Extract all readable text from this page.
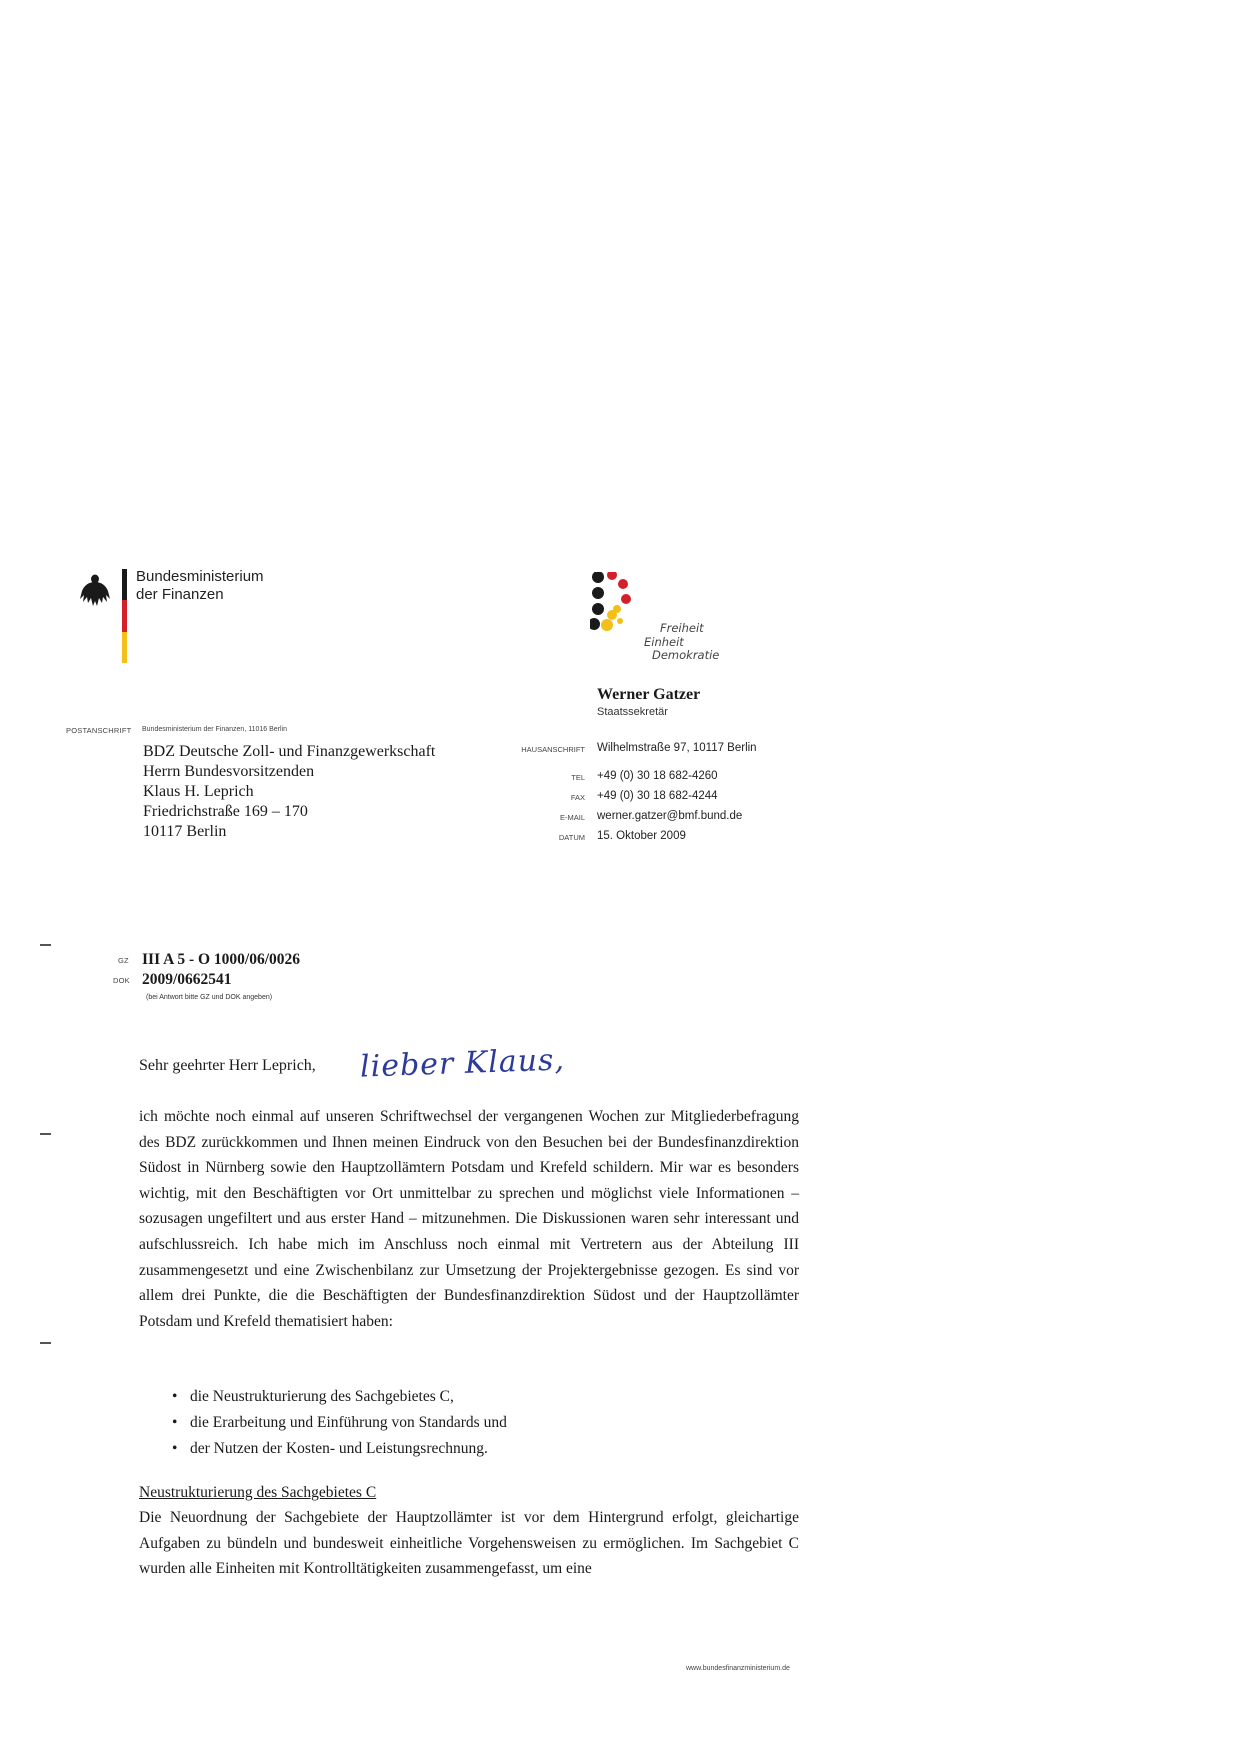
Bundesministerium
der Finanzen
Freiheit
Einheit
Demokratie
Werner Gatzer
Staatssekretär
POSTANSCHRIFT Bundesministerium der Finanzen, 11016 Berlin
BDZ Deutsche Zoll- und Finanzgewerkschaft
Herrn Bundesvorsitzenden
Klaus H. Leprich
Friedrichstraße 169 – 170
10117 Berlin
HAUSANSCHRIFT Wilhelmstraße 97, 10117 Berlin
TEL +49 (0) 30 18 682-4260
FAX +49 (0) 30 18 682-4244
E-MAIL werner.gatzer@bmf.bund.de
DATUM 15. Oktober 2009
GZ III A 5 - O 1000/06/0026
DOK 2009/0662541
(bei Antwort bitte GZ und DOK angeben)
Sehr geehrter Herr Leprich, lieber Klaus,

ich möchte noch einmal auf unseren Schriftwechsel der vergangenen Wochen zur Mitgliederbefragung des BDZ zurückkommen und Ihnen meinen Eindruck von den Besuchen bei der Bundesfinanzdirektion Südost in Nürnberg sowie den Hauptzollämtern Potsdam und Krefeld schildern. Mir war es besonders wichtig, mit den Beschäftigten vor Ort unmittelbar zu sprechen und möglichst viele Informationen – sozusagen ungefiltert und aus erster Hand – mitzunehmen. Die Diskussionen waren sehr interessant und aufschlussreich. Ich habe mich im Anschluss noch einmal mit Vertretern aus der Abteilung III zusammengesetzt und eine Zwischenbilanz zur Umsetzung der Projektergebnisse gezogen. Es sind vor allem drei Punkte, die die Beschäftigten der Bundesfinanzdirektion Südost und der Hauptzollämter Potsdam und Krefeld thematisiert haben:

• die Neustrukturierung des Sachgebietes C,
• die Erarbeitung und Einführung von Standards und
• der Nutzen der Kosten- und Leistungsrechnung.
Neustrukturierung des Sachgebietes C
Die Neuordnung der Sachgebiete der Hauptzollämter ist vor dem Hintergrund erfolgt, gleichartige Aufgaben zu bündeln und bundesweit einheitliche Vorgehensweisen zu ermöglichen. Im Sachgebiet C wurden alle Einheiten mit Kontrolltätigkeiten zusammengefasst, um eine
www.bundesfinanzministerium.de
